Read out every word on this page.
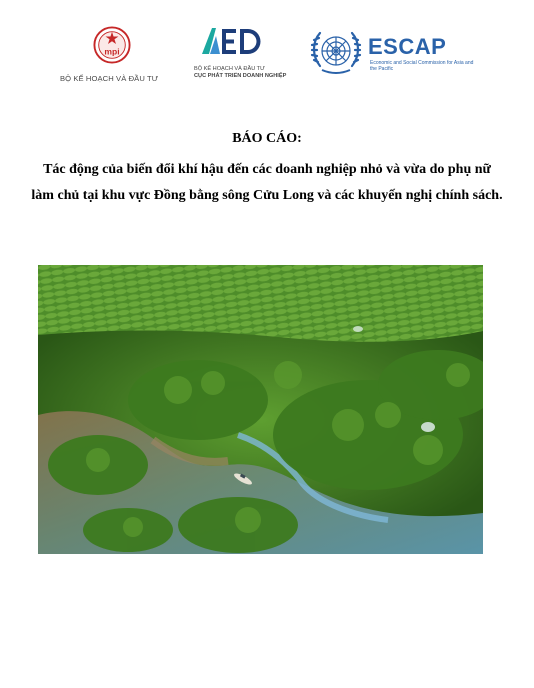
mpi
BỘ KẾ HOẠCH VÀ ĐẦU TƯ
BỘ KẾ HOẠCH VÀ ĐẦU TƯ
CỤC PHÁT TRIỂN DOANH NGHIỆP
ESCAP
Economic and Social Commission for Asia and the Pacific
BÁO CÁO:
Tác động của biến đổi khí hậu đến các doanh nghiệp nhỏ và vừa do phụ nữ
làm chủ tại khu vực Đồng bằng sông Cửu Long và các khuyến nghị chính sách.
